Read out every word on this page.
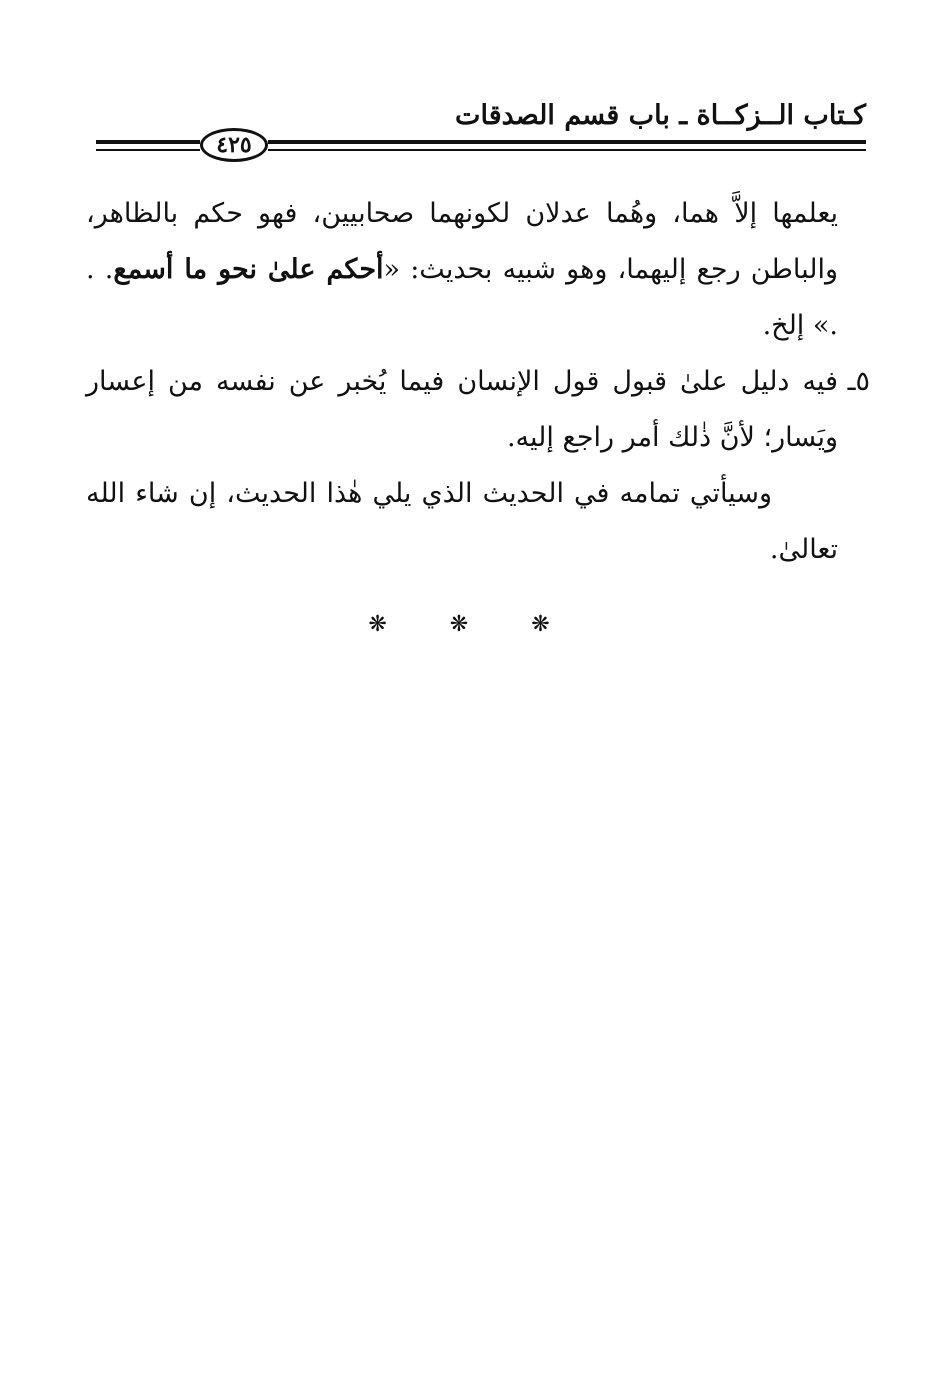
كـتاب الــزكــاة ـ باب قسم الصدقات
٤٢٥

يعلمها إلاَّ هما، وهُما عدلان لكونهما صحابيين، فهو حكم بالظاهر، والباطن رجع إليهما، وهو شبيه بحديث: «أحكم علىٰ نحو ما أسمع. . .» إلخ.

٥ـ
فيه دليل علىٰ قبول قول الإنسان فيما يُخبر عن نفسه من إعسار ويَسار؛ لأنَّ ذٰلك أمر راجع إليه.

وسيأتي تمامه في الحديث الذي يلي هٰذا الحديث، إن شاء الله تعالىٰ.

❋ ❋ ❋
